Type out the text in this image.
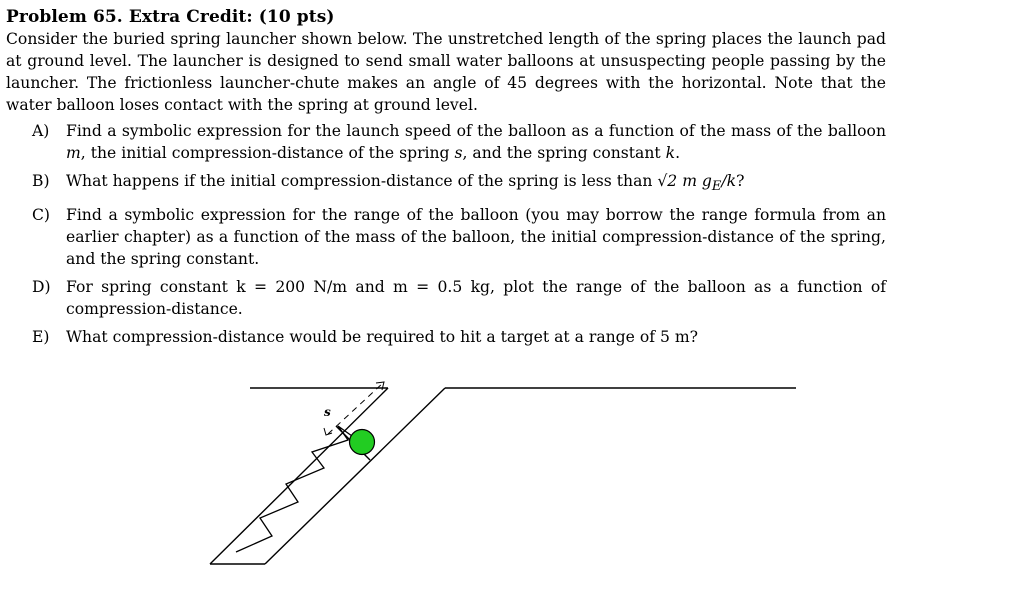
Problem 65. Extra Credit: (10 pts)

Consider the buried spring launcher shown below. The unstretched length of the spring places the launch pad at ground level. The launcher is designed to send small water balloons at unsuspecting people passing by the launcher. The frictionless launcher-chute makes an angle of 45 degrees with the horizontal. Note that the water balloon loses contact with the spring at ground level.

A)	Find a symbolic expression for the launch speed of the balloon as a function of the mass of the balloon m, the initial compression-distance of the spring s, and the spring constant k.
B)	What happens if the initial compression-distance of the spring is less than √2 m $g_E/k$?
C)	Find a symbolic expression for the range of the balloon (you may borrow the range formula from an earlier chapter) as a function of the mass of the balloon, the initial compression-distance of the spring, and the spring constant.
D) For spring constant k = 200 N/m and m = 0.5 kg, plot the range of the balloon as a function of compression-distance.
E)	What compression-distance would be required to hit a target at a range of 5 m?
s
